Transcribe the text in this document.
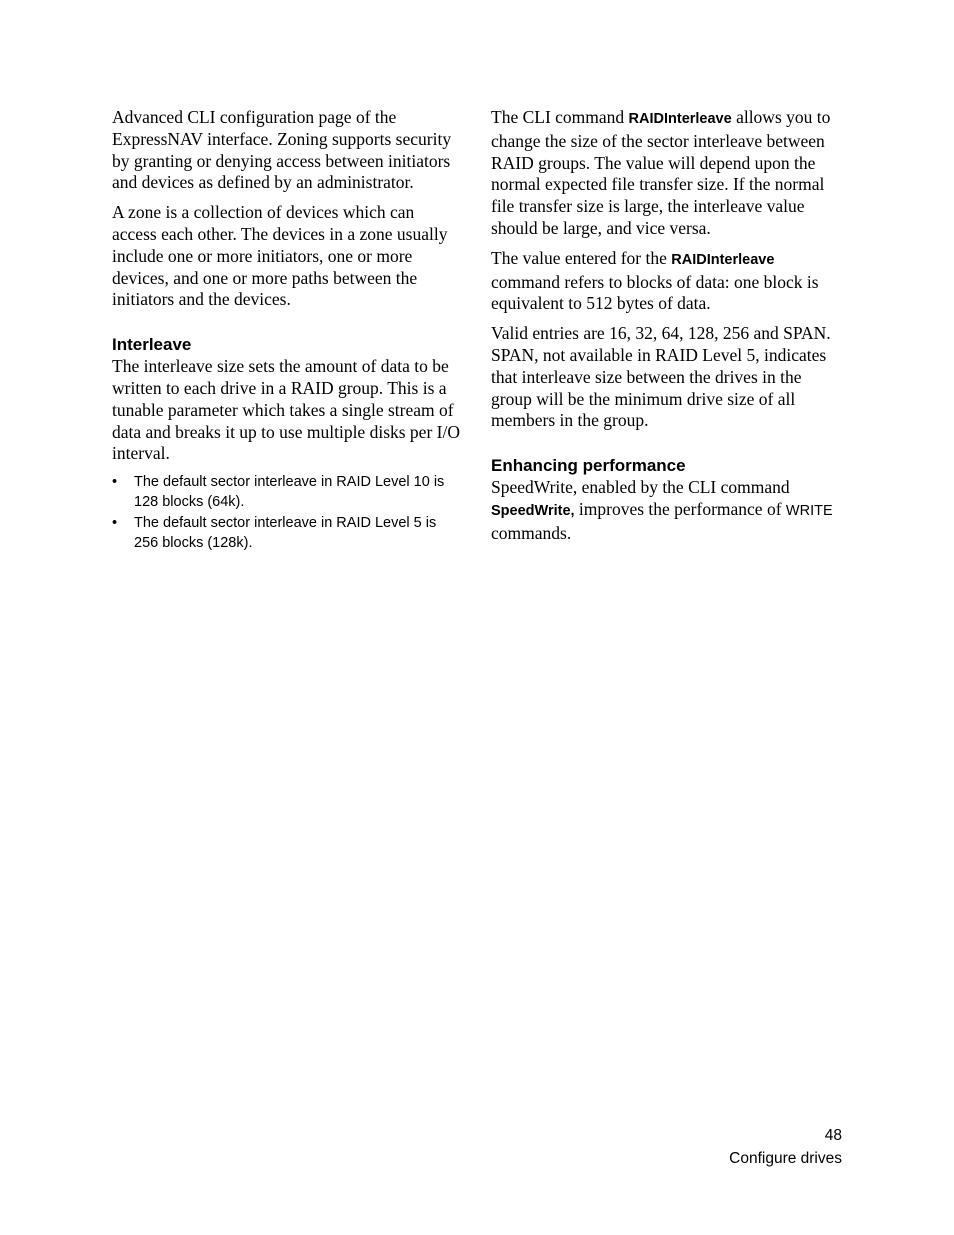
Advanced CLI configuration page of the ExpressNAV interface. Zoning supports security by granting or denying access between initiators and devices as defined by an administrator.

A zone is a collection of devices which can access each other. The devices in a zone usually include one or more initiators, one or more devices, and one or more paths between the initiators and the devices.

Interleave

The interleave size sets the amount of data to be written to each drive in a RAID group. This is a tunable parameter which takes a single stream of data and breaks it up to use multiple disks per I/O interval.

• The default sector interleave in RAID Level 10 is 128 blocks (64k).
• The default sector interleave in RAID Level 5 is 256 blocks (128k).

The CLI command RAIDInterleave allows you to change the size of the sector interleave between RAID groups. The value will depend upon the normal expected file transfer size. If the normal file transfer size is large, the interleave value should be large, and vice versa.

The value entered for the RAIDInterleave command refers to blocks of data: one block is equivalent to 512 bytes of data.

Valid entries are 16, 32, 64, 128, 256 and SPAN. SPAN, not available in RAID Level 5, indicates that interleave size between the drives in the group will be the minimum drive size of all members in the group.

Enhancing performance

SpeedWrite, enabled by the CLI command SpeedWrite, improves the performance of WRITE commands.

48
Configure drives
